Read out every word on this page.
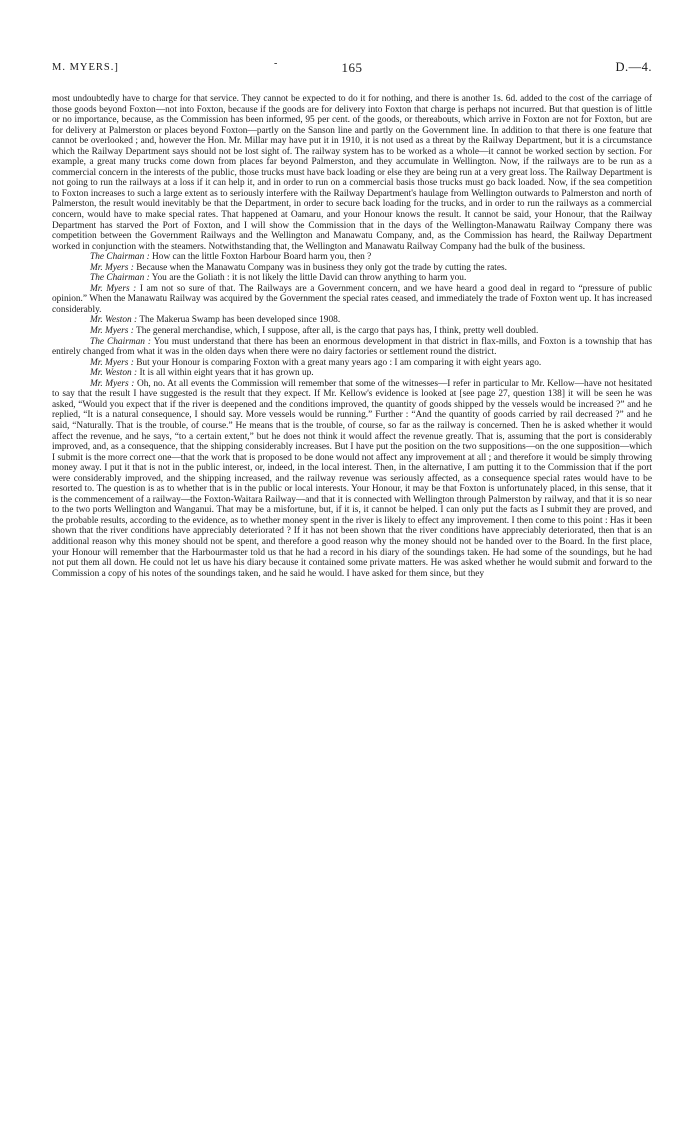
M. MYERS.]	-	165	D.—4.

most undoubtedly have to charge for that service. They cannot be expected to do it for nothing, and there is another 1s. 6d. added to the cost of the carriage of those goods beyond Foxton—not into Foxton, because if the goods are for delivery into Foxton that charge is perhaps not incurred. But that question is of little or no importance, because, as the Commission has been informed, 95 per cent. of the goods, or thereabouts, which arrive in Foxton are not for Foxton, but are for delivery at Palmerston or places beyond Foxton—partly on the Sanson line and partly on the Government line. In addition to that there is one feature that cannot be overlooked ; and, however the Hon. Mr. Millar may have put it in 1910, it is not used as a threat by the Railway Department, but it is a circumstance which the Railway Department says should not be lost sight of. The railway system has to be worked as a whole—it cannot be worked section by section. For example, a great many trucks come down from places far beyond Palmerston, and they accumulate in Wellington. Now, if the railways are to be run as a commercial concern in the interests of the public, those trucks must have back loading or else they are being run at a very great loss. The Railway Department is not going to run the railways at a loss if it can help it, and in order to run on a commercial basis those trucks must go back loaded. Now, if the sea competition to Foxton increases to such a large extent as to seriously interfere with the Railway Department's haulage from Wellington outwards to Palmerston and north of Palmerston, the result would inevitably be that the Department, in order to secure back loading for the trucks, and in order to run the railways as a commercial concern, would have to make special rates. That happened at Oamaru, and your Honour knows the result. It cannot be said, your Honour, that the Railway Department has starved the Port of Foxton, and I will show the Commission that in the days of the Wellington-Manawatu Railway Company there was competition between the Government Railways and the Wellington and Manawatu Company, and, as the Commission has heard, the Railway Department worked in conjunction with the steamers. Notwithstanding that, the Wellington and Manawatu Railway Company had the bulk of the business.

The Chairman : How can the little Foxton Harbour Board harm you, then ?

Mr. Myers : Because when the Manawatu Company was in business they only got the trade by cutting the rates.

The Chairman : You are the Goliath : it is not likely the little David can throw anything to harm you.

Mr. Myers : I am not so sure of that. The Railways are a Government concern, and we have heard a good deal in regard to “pressure of public opinion.” When the Manawatu Railway was acquired by the Government the special rates ceased, and immediately the trade of Foxton went up. It has increased considerably.

Mr. Weston : The Makerua Swamp has been developed since 1908.

Mr. Myers : The general merchandise, which, I suppose, after all, is the cargo that pays has, I think, pretty well doubled.

The Chairman : You must understand that there has been an enormous development in that district in flax-mills, and Foxton is a township that has entirely changed from what it was in the olden days when there were no dairy factories or settlement round the district.

Mr. Myers : But your Honour is comparing Foxton with a great many years ago : I am comparing it with eight years ago.

Mr. Weston : It is all within eight years that it has grown up.

Mr. Myers : Oh, no. At all events the Commission will remember that some of the witnesses—I refer in particular to Mr. Kellow—have not hesitated to say that the result I have suggested is the result that they expect. If Mr. Kellow's evidence is looked at [see page 27, question 138] it will be seen he was asked, “Would you expect that if the river is deepened and the conditions improved, the quantity of goods shipped by the vessels would be increased ?” and he replied, “It is a natural consequence, I should say. More vessels would be running.” Further : “And the quantity of goods carried by rail decreased ?” and he said, “Naturally. That is the trouble, of course.” He means that is the trouble, of course, so far as the railway is concerned. Then he is asked whether it would affect the revenue, and he says, “to a certain extent,” but he does not think it would affect the revenue greatly. That is, assuming that the port is considerably improved, and, as a consequence, that the shipping considerably increases. But I have put the position on the two suppositions—on the one supposition—which I submit is the more correct one—that the work that is proposed to be done would not affect any improvement at all ; and therefore it would be simply throwing money away. I put it that is not in the public interest, or, indeed, in the local interest. Then, in the alternative, I am putting it to the Commission that if the port were considerably improved, and the shipping increased, and the railway revenue was seriously affected, as a consequence special rates would have to be resorted to. The question is as to whether that is in the public or local interests. Your Honour, it may be that Foxton is unfortunately placed, in this sense, that it is the commencement of a railway—the Foxton-Waitara Railway—and that it is connected with Wellington through Palmerston by railway, and that it is so near to the two ports Wellington and Wanganui. That may be a misfortune, but, if it is, it cannot be helped. I can only put the facts as I submit they are proved, and the probable results, according to the evidence, as to whether money spent in the river is likely to effect any improvement. I then come to this point : Has it been shown that the river conditions have appreciably deteriorated ? If it has not been shown that the river conditions have appreciably deteriorated, then that is an additional reason why this money should not be spent, and therefore a good reason why the money should not be handed over to the Board. In the first place, your Honour will remember that the Harbourmaster told us that he had a record in his diary of the soundings taken. He had some of the soundings, but he had not put them all down. He could not let us have his diary because it contained some private matters. He was asked whether he would submit and forward to the Commission a copy of his notes of the soundings taken, and he said he would. I have asked for them since, but they
